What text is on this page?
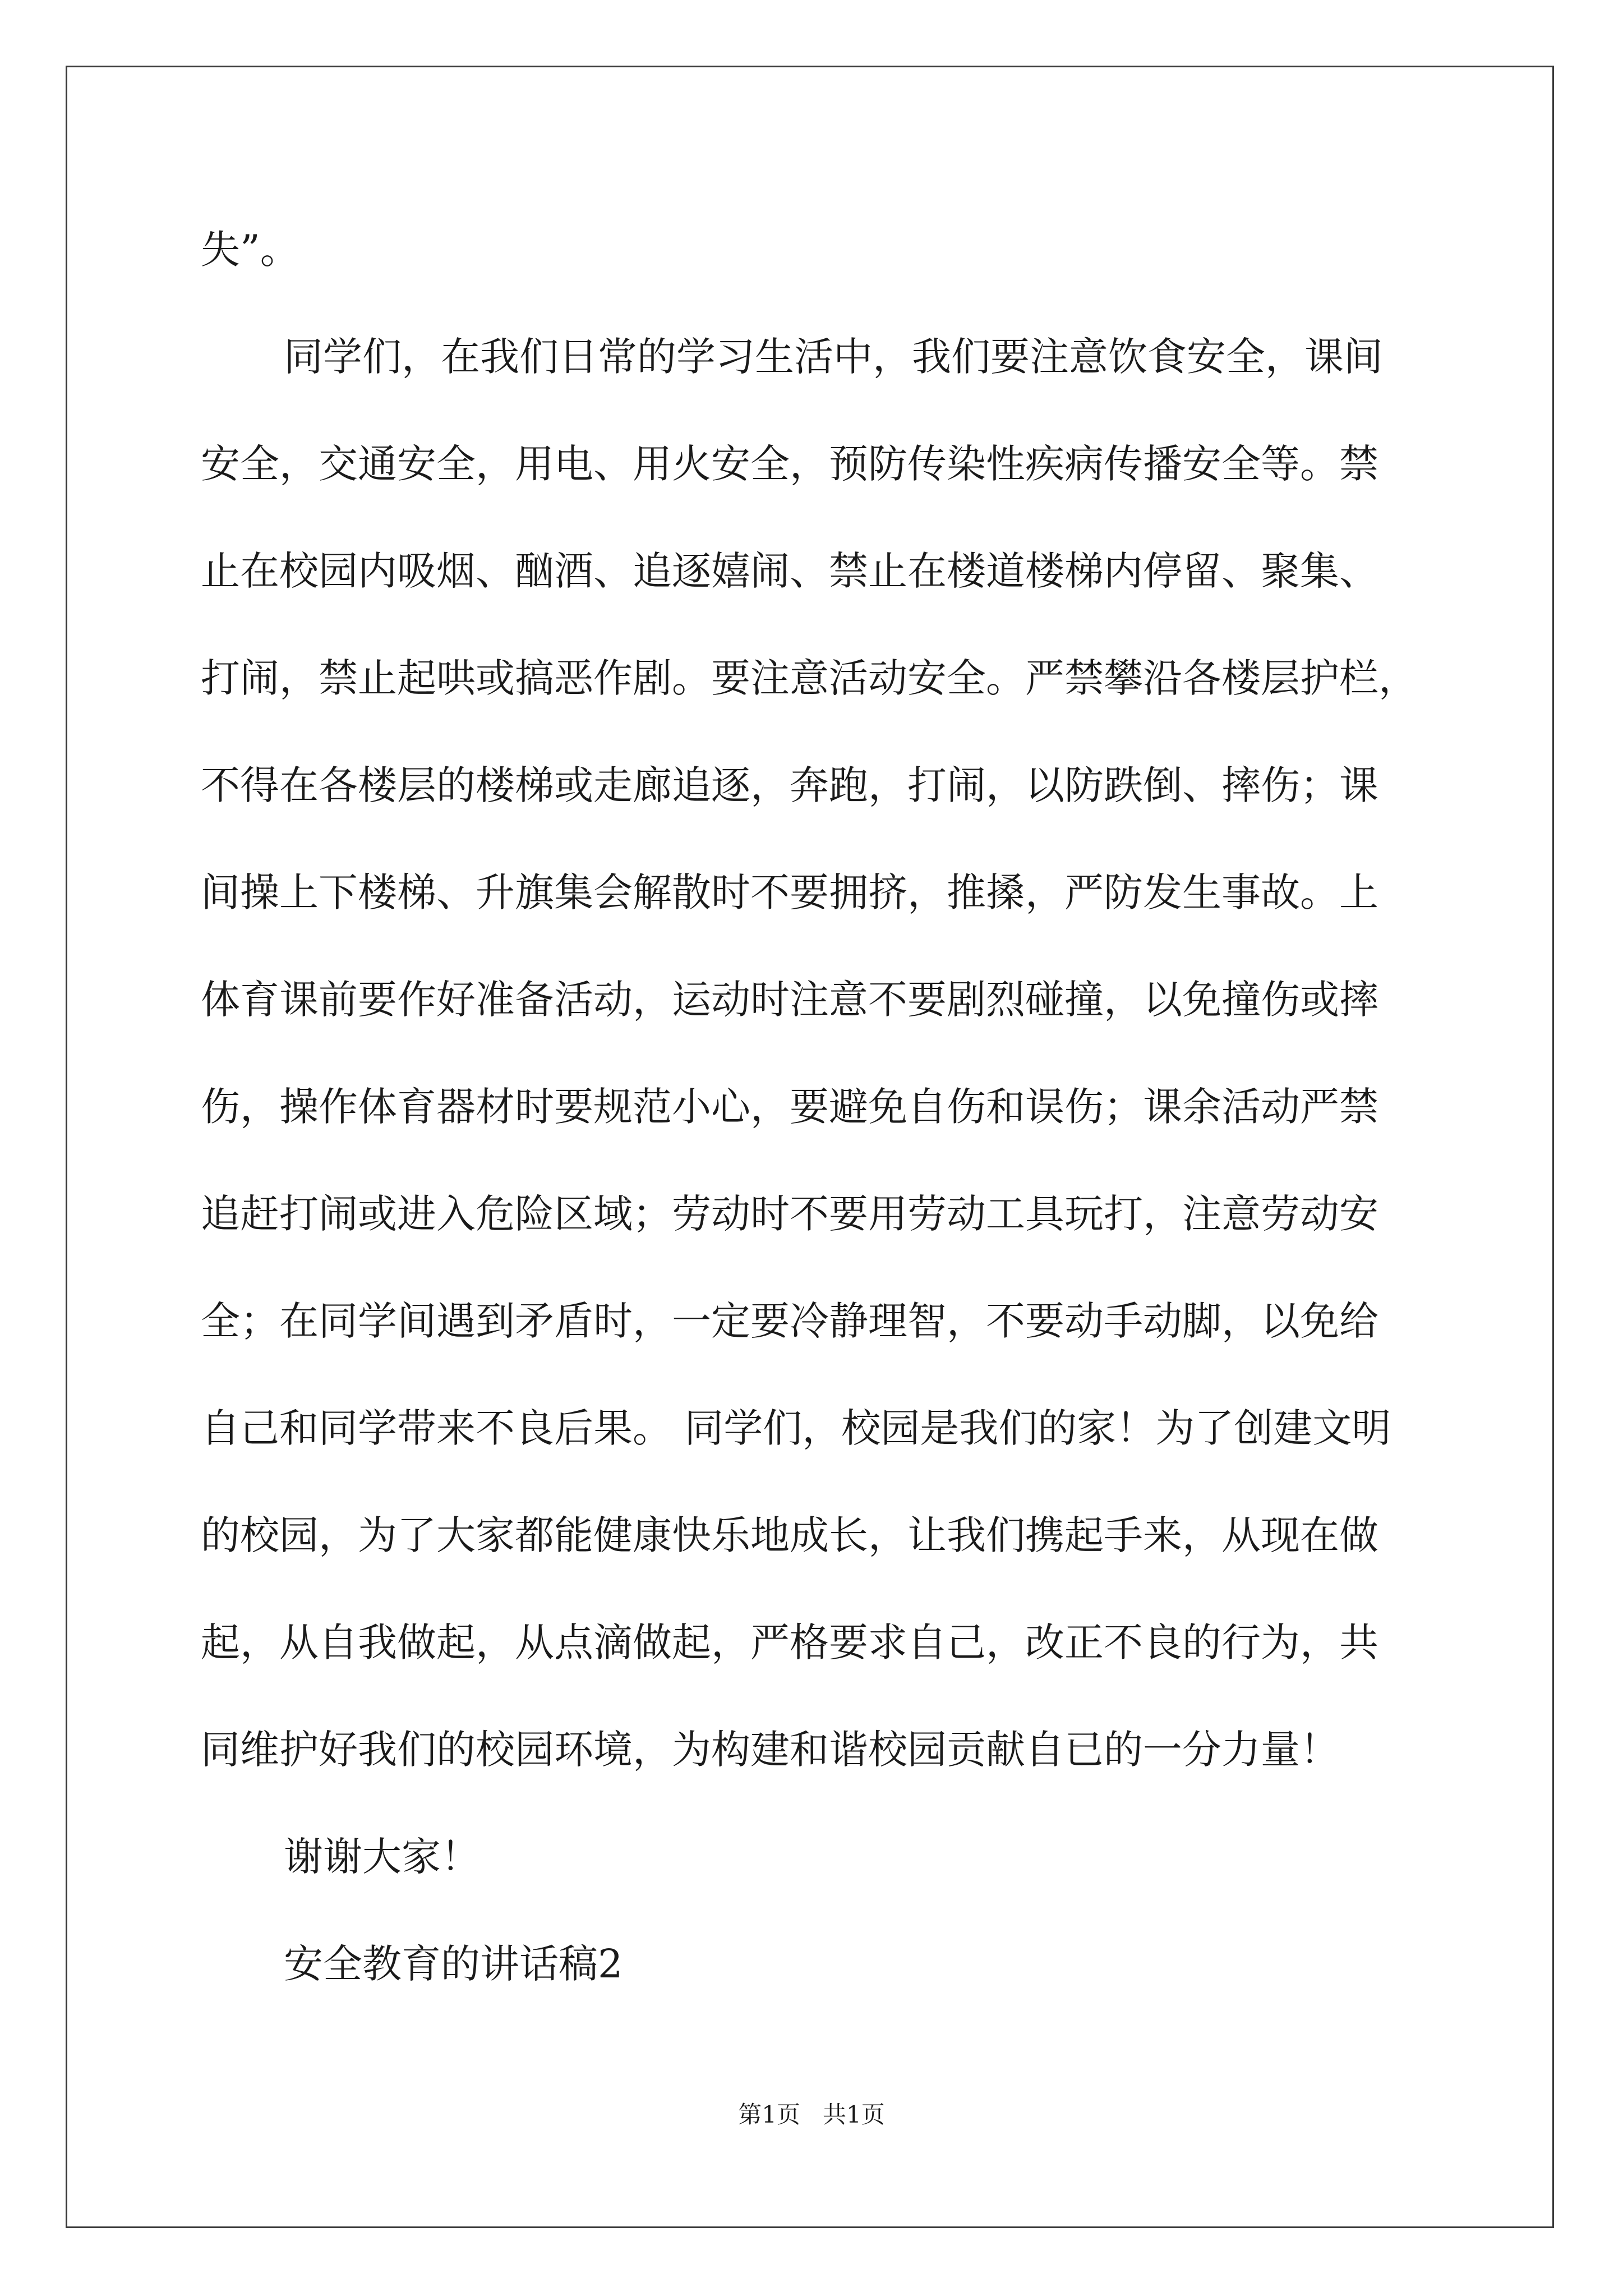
失”。
同学们，在我们日常的学习生活中，我们要注意饮食安全，课间
安全，交通安全，用电、用火安全，预防传染性疾病传播安全等。禁
止在校园内吸烟、酗酒、追逐嬉闹、禁止在楼道楼梯内停留、聚集、
打闹，禁止起哄或搞恶作剧。要注意活动安全。严禁攀沿各楼层护栏，
不得在各楼层的楼梯或走廊追逐，奔跑，打闹，以防跌倒、摔伤；课
间操上下楼梯、升旗集会解散时不要拥挤，推搡，严防发生事故。上
体育课前要作好准备活动，运动时注意不要剧烈碰撞，以免撞伤或摔
伤，操作体育器材时要规范小心，要避免自伤和误伤；课余活动严禁
追赶打闹或进入危险区域；劳动时不要用劳动工具玩打，注意劳动安
全；在同学间遇到矛盾时，一定要冷静理智，不要动手动脚，以免给
自己和同学带来不良后果。 同学们，校园是我们的家！为了创建文明
的校园，为了大家都能健康快乐地成长，让我们携起手来，从现在做
起，从自我做起，从点滴做起，严格要求自己，改正不良的行为，共
同维护好我们的校园环境，为构建和谐校园贡献自已的一分力量！
谢谢大家！
安全教育的讲话稿2
第1页 共1页
